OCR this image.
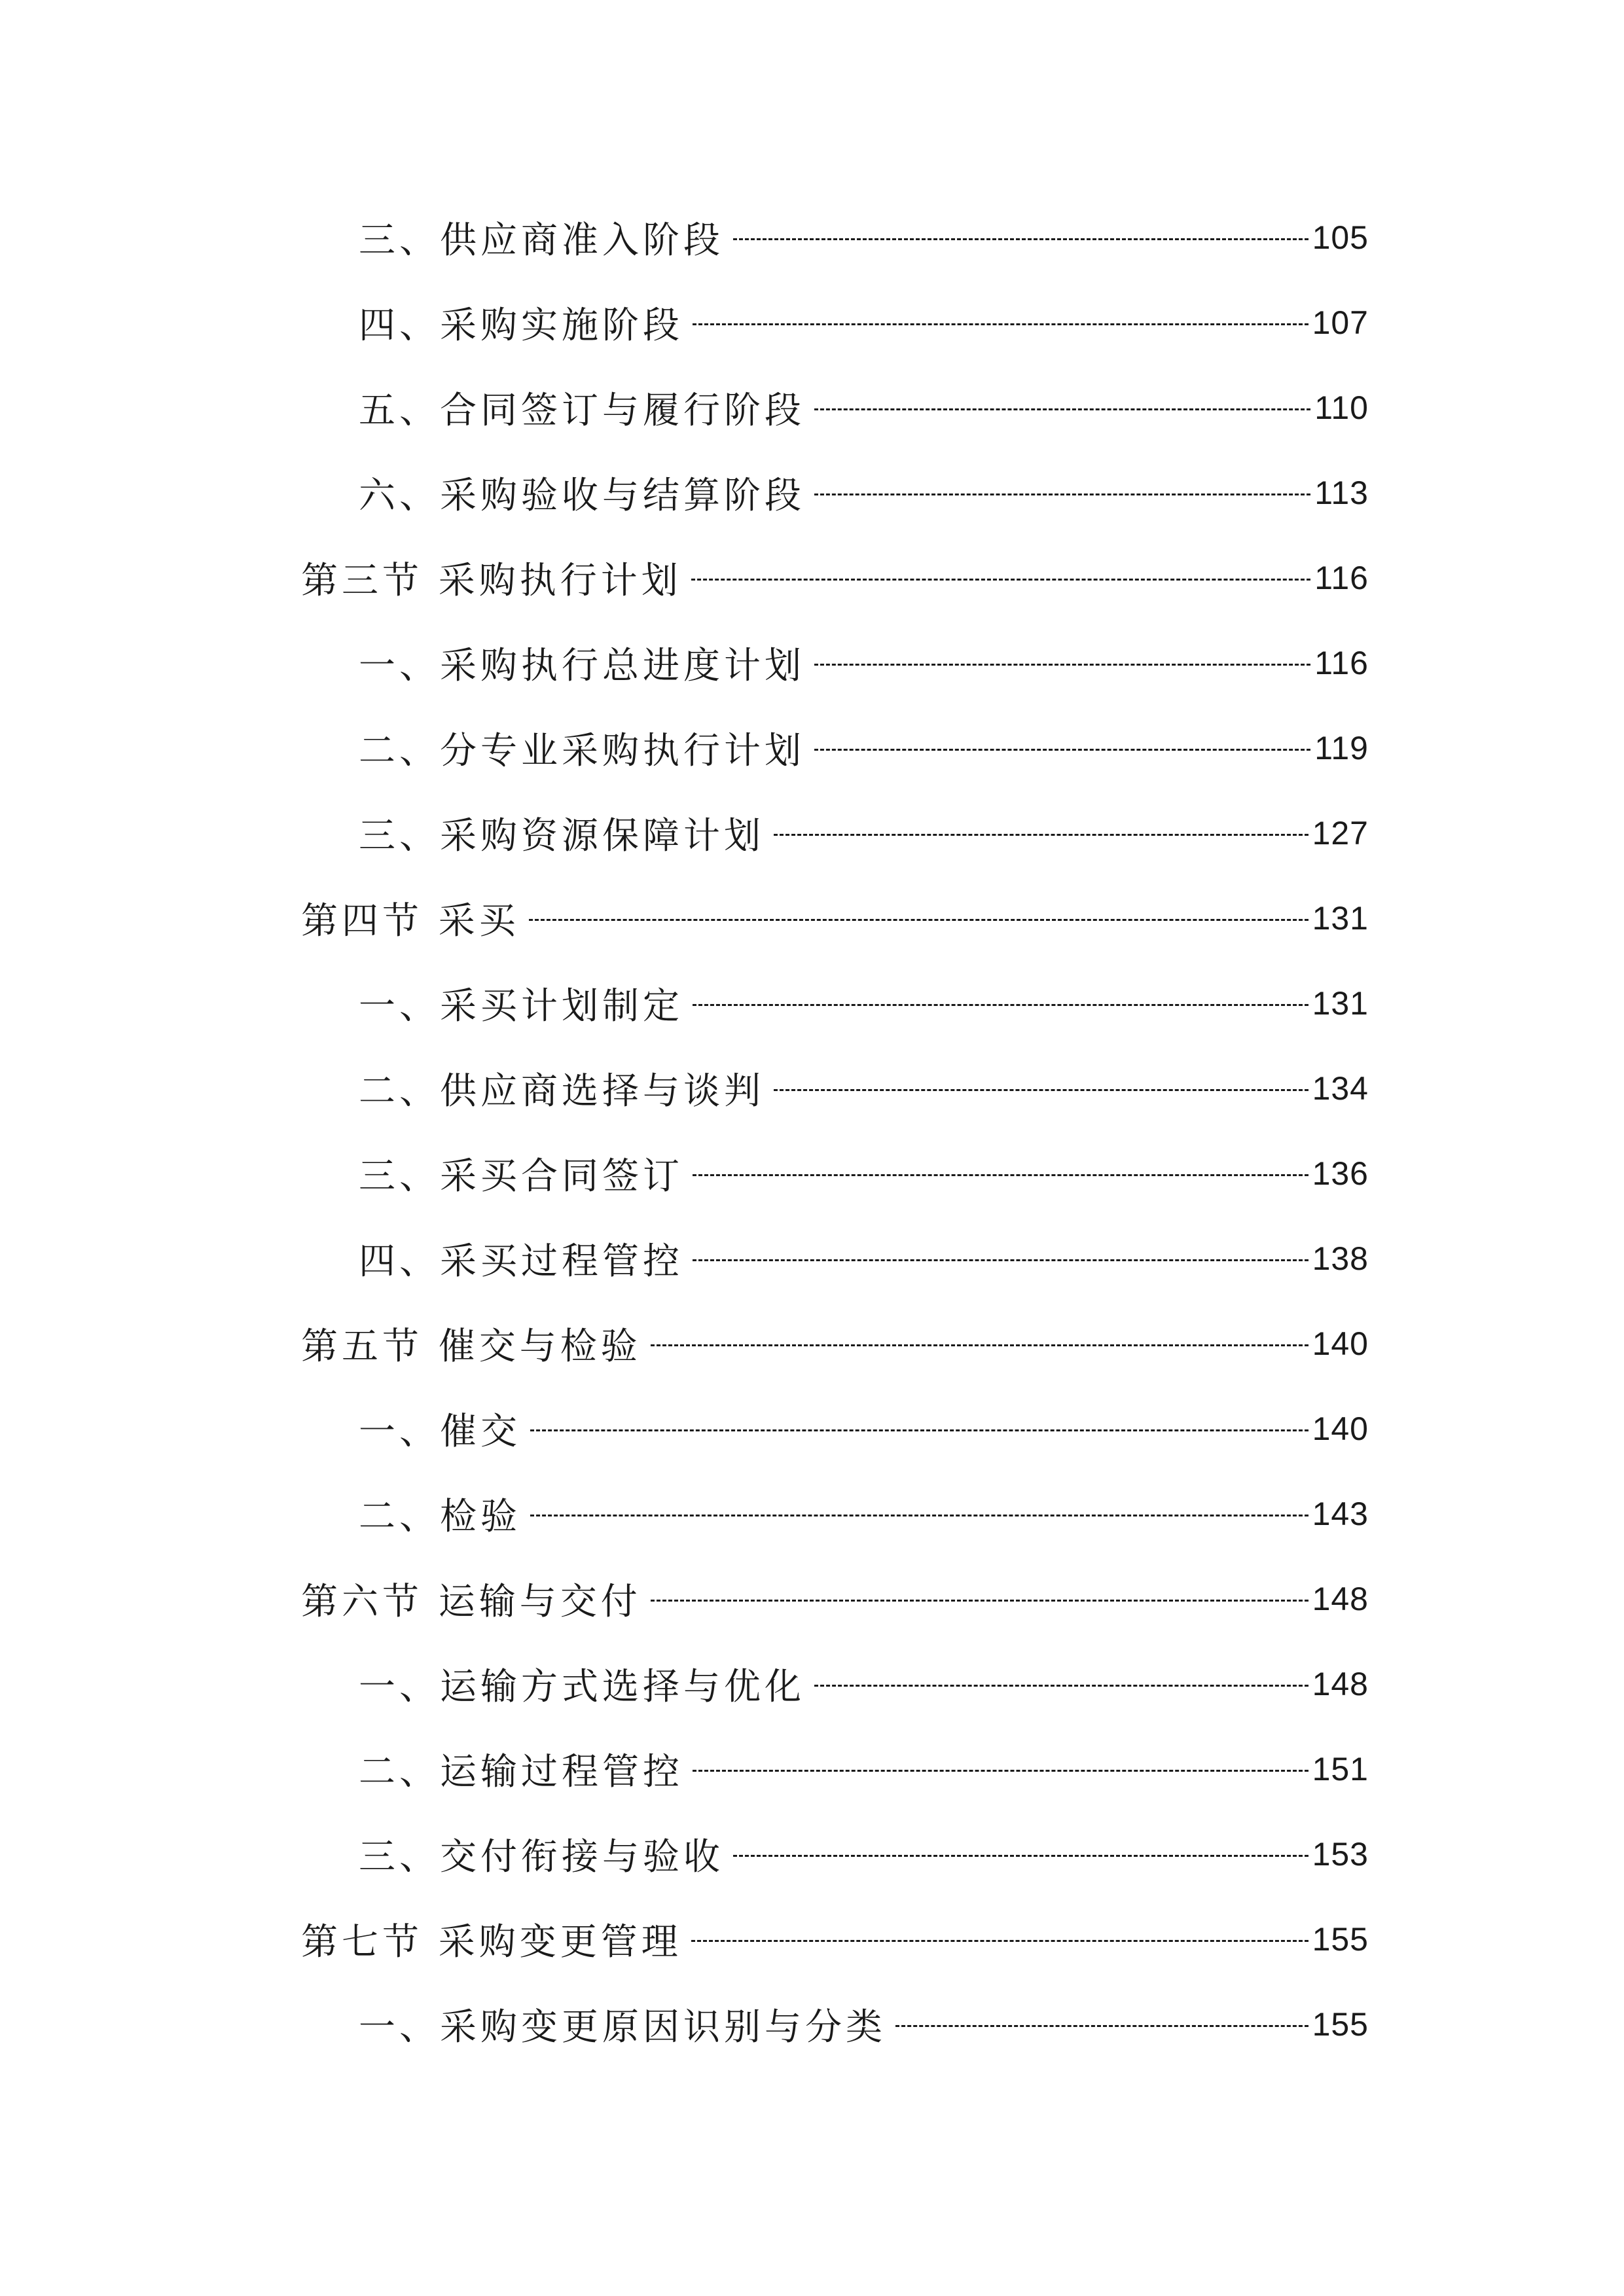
三、供应商准入阶段	105
四、采购实施阶段	107
五、合同签订与履行阶段	110
六、采购验收与结算阶段	113
第三节 采购执行计划	116
一、采购执行总进度计划	116
二、分专业采购执行计划	119
三、采购资源保障计划	127
第四节 采买	131
一、采买计划制定	131
二、供应商选择与谈判	134
三、采买合同签订	136
四、采买过程管控	138
第五节 催交与检验	140
一、催交	140
二、检验	143
第六节 运输与交付	148
一、运输方式选择与优化	148
二、运输过程管控	151
三、交付衔接与验收	153
第七节 采购变更管理	155
一、采购变更原因识别与分类	155
